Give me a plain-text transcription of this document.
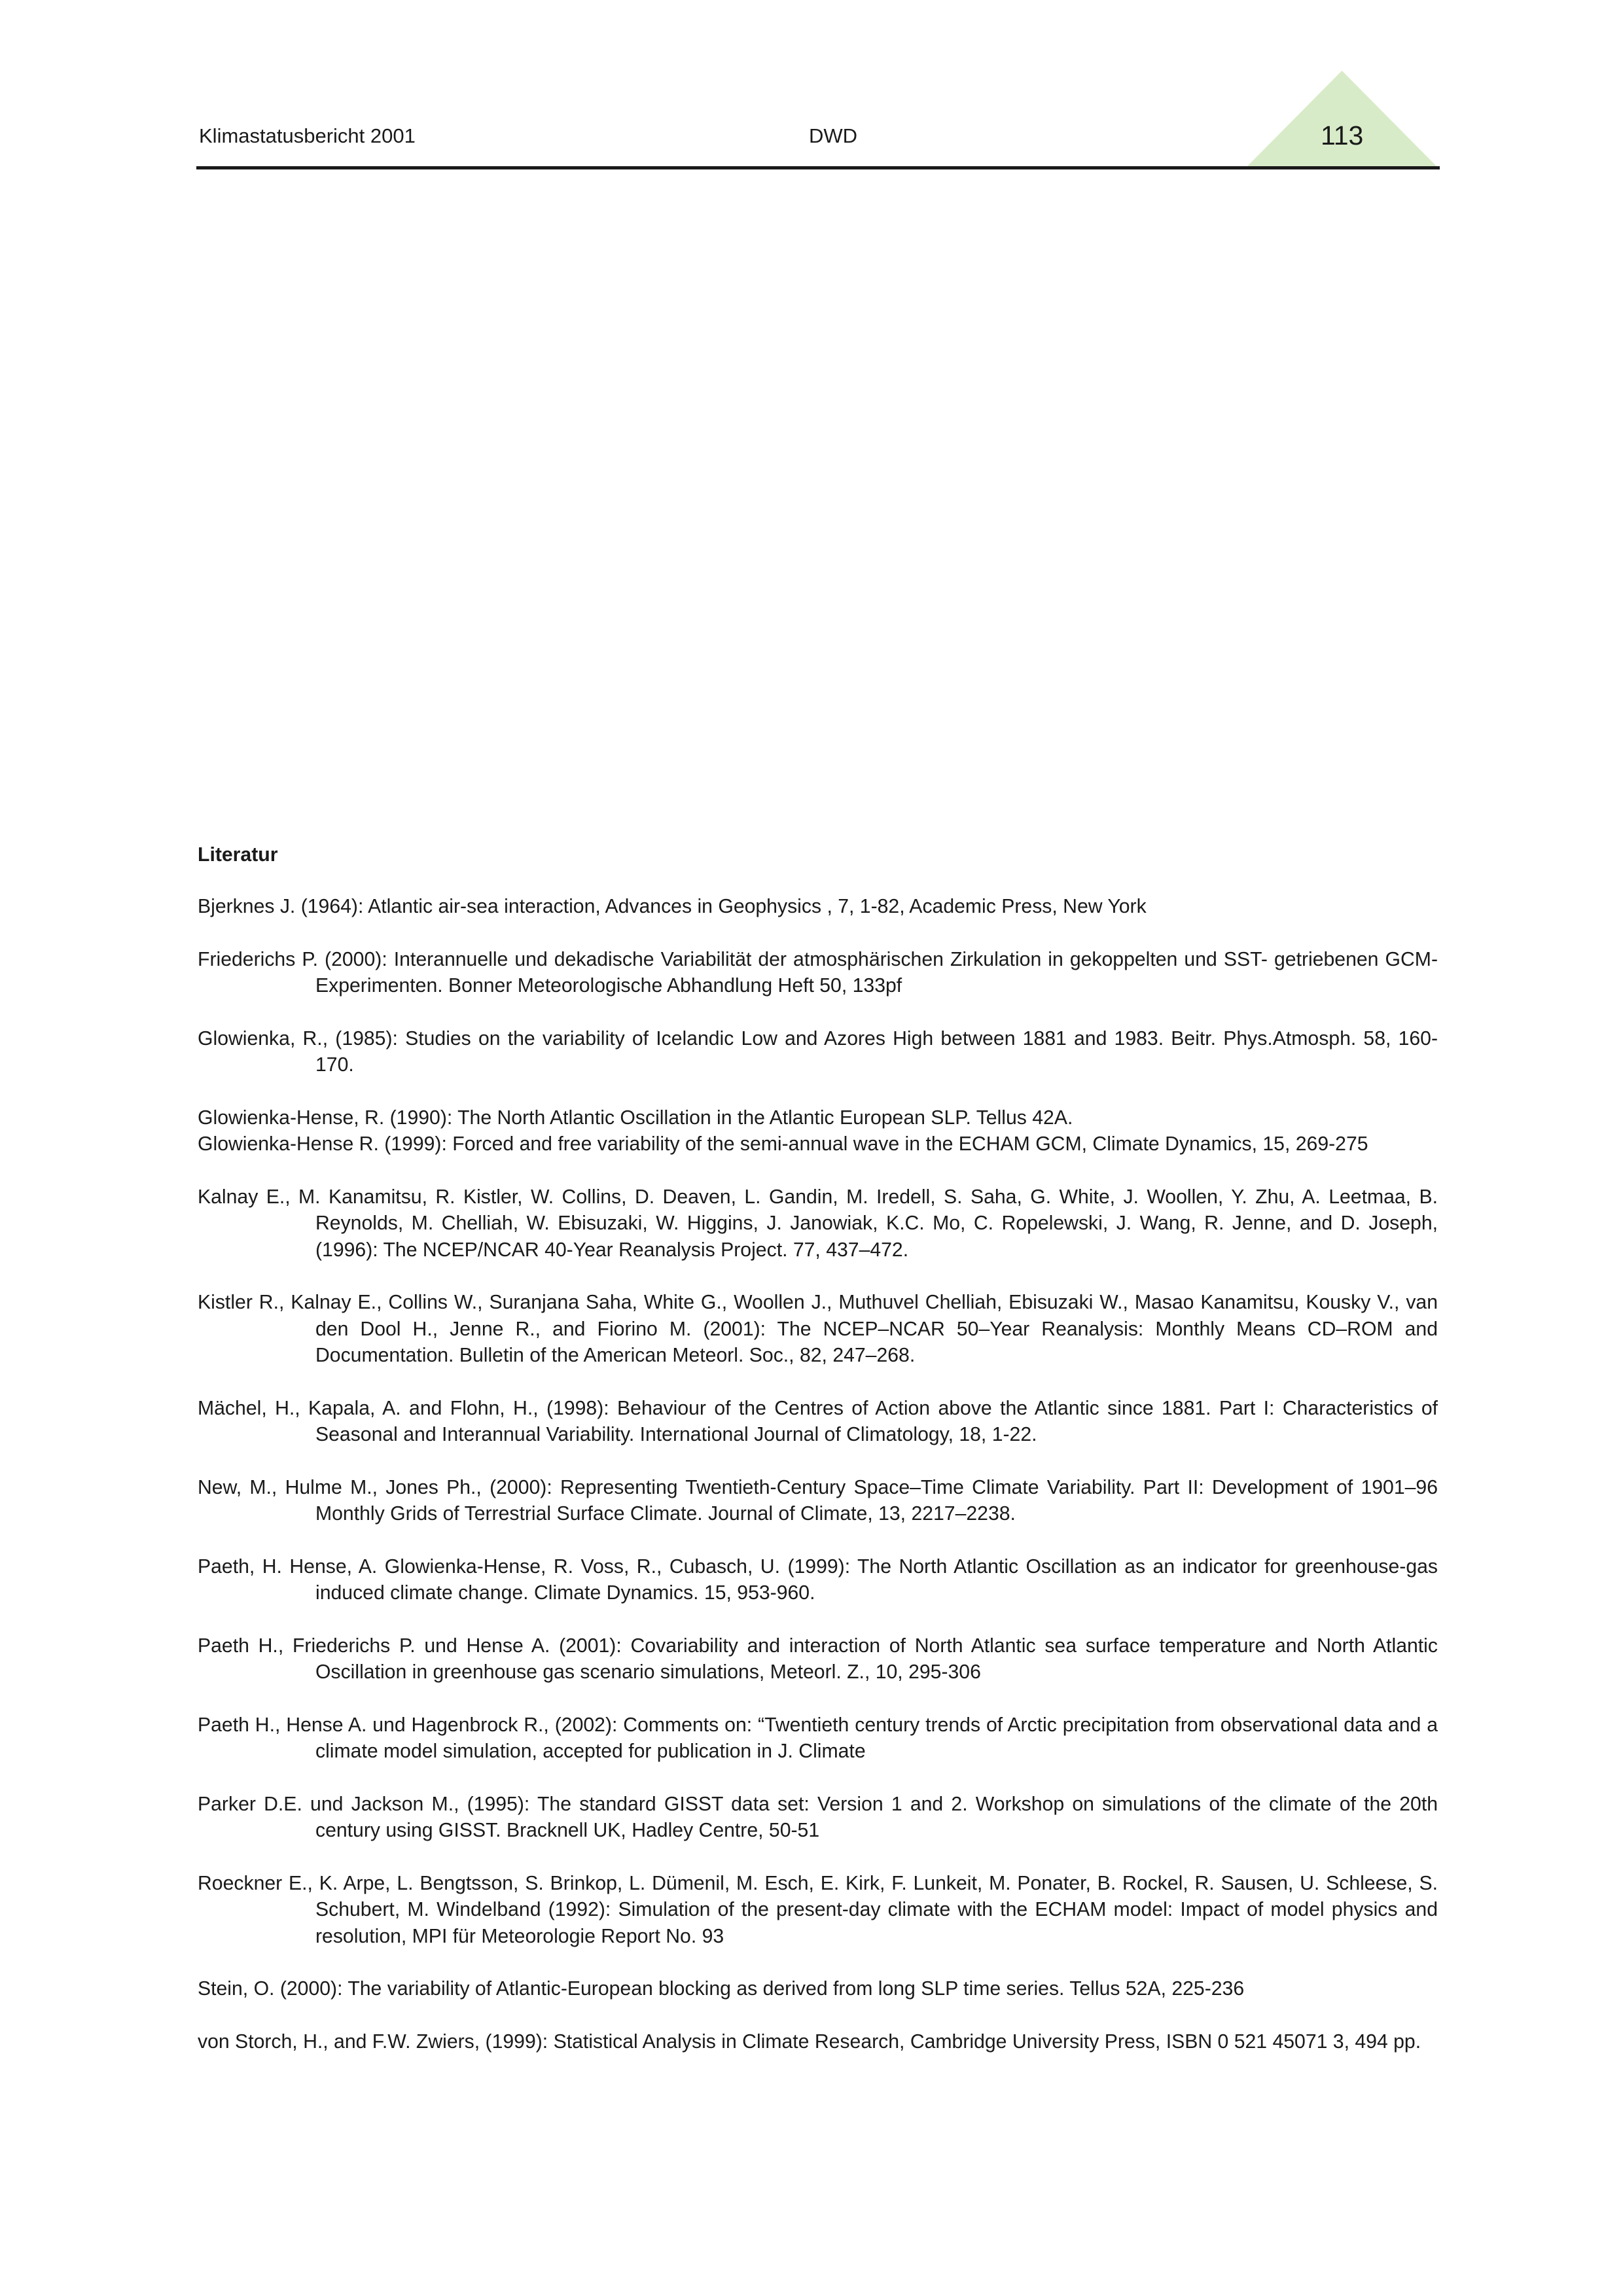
Klimastatusbericht 2001	DWD	113
Literatur

Bjerknes J. (1964): Atlantic air-sea interaction, Advances in Geophysics , 7, 1-82, Academic Press, New York

Friederichs P. (2000): Interannuelle und dekadische Variabilität der atmosphärischen Zirkulation in gekoppelten und SST- getriebenen GCM-Experimenten. Bonner Meteorologische Abhandlung Heft 50, 133pf

Glowienka, R., (1985): Studies on the variability of Icelandic Low and Azores High between 1881 and 1983. Beitr. Phys.Atmosph. 58, 160-170.

Glowienka-Hense, R. (1990): The North Atlantic Oscillation in the Atlantic European SLP. Tellus 42A.

Glowienka-Hense R. (1999): Forced and free variability of the semi-annual wave in the ECHAM GCM, Climate Dynamics, 15, 269-275

Kalnay E., M. Kanamitsu, R. Kistler, W. Collins, D. Deaven, L. Gandin, M. Iredell, S. Saha, G. White, J. Woollen, Y. Zhu, A. Leetmaa, B. Reynolds, M. Chelliah, W. Ebisuzaki, W. Higgins, J. Janowiak, K.C. Mo, C. Ropelewski, J. Wang, R. Jenne, and D. Joseph, (1996): The NCEP/NCAR 40-Year Reanalysis Project. 77, 437–472.

Kistler R., Kalnay E., Collins W., Suranjana Saha, White G., Woollen J., Muthuvel Chelliah, Ebisuzaki W., Masao Kanamitsu, Kousky V., van den Dool H., Jenne R., and Fiorino M. (2001): The NCEP–NCAR 50–Year Reanalysis: Monthly Means CD–ROM and Documentation. Bulletin of the American Meteorl. Soc., 82, 247–268.

Mächel, H., Kapala, A. and Flohn, H., (1998): Behaviour of the Centres of Action above the Atlantic since 1881. Part I: Characteristics of Seasonal and Interannual Variability. International Journal of Climatology, 18, 1-22.

New, M., Hulme M., Jones Ph., (2000): Representing Twentieth-Century Space–Time Climate Variability. Part II: Development of 1901–96 Monthly Grids of Terrestrial Surface Climate. Journal of Climate, 13, 2217–2238.

Paeth, H. Hense, A. Glowienka-Hense, R. Voss, R., Cubasch, U. (1999): The North Atlantic Oscillation as an indicator for greenhouse-gas induced climate change. Climate Dynamics. 15, 953-960.

Paeth H., Friederichs P. und Hense A. (2001): Covariability and interaction of North Atlantic sea surface temperature and North Atlantic Oscillation in greenhouse gas scenario simulations, Meteorl. Z., 10, 295-306

Paeth H., Hense A. und Hagenbrock R., (2002): Comments on: “Twentieth century trends of Arctic precipitation from observational data and a climate model simulation, accepted for publication in J. Climate

Parker D.E. und Jackson M., (1995): The standard GISST data set: Version 1 and 2. Workshop on simulations of the climate of the 20th century using GISST. Bracknell UK, Hadley Centre, 50-51

Roeckner E., K. Arpe, L. Bengtsson, S. Brinkop, L. Dümenil, M. Esch, E. Kirk, F. Lunkeit, M. Ponater, B. Rockel, R. Sausen, U. Schleese, S. Schubert, M. Windelband (1992): Simulation of the present-day climate with the ECHAM model: Impact of model physics and resolution, MPI für Meteorologie Report No. 93

Stein, O. (2000): The variability of Atlantic-European blocking as derived from long SLP time series. Tellus 52A, 225-236

von Storch, H., and F.W. Zwiers, (1999): Statistical Analysis in Climate Research, Cambridge University Press, ISBN 0 521 45071 3, 494 pp.
